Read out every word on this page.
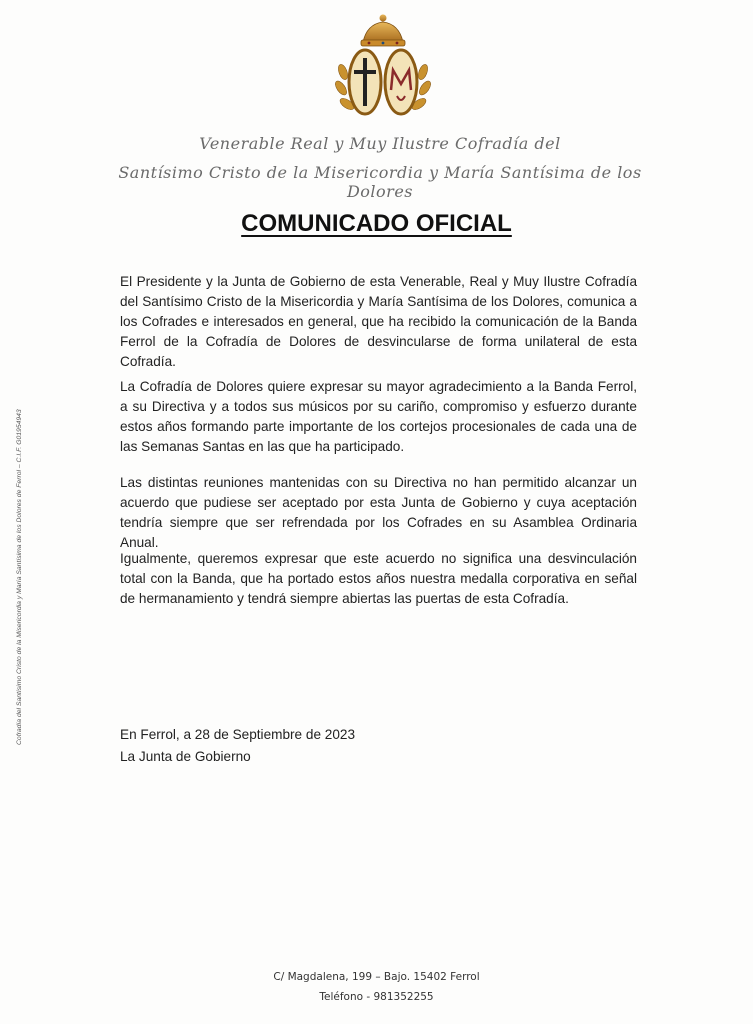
Venerable Real y Muy Ilustre Cofradía del
Santísimo Cristo de la Misericordia y María Santísima de los Dolores
COMUNICADO OFICIAL

El Presidente y la Junta de Gobierno de esta Venerable, Real y Muy Ilustre Cofradía del Santísimo Cristo de la Misericordia y María Santísima de los Dolores, comunica a los Cofrades e interesados en general, que ha recibido la comunicación de la Banda Ferrol de la Cofradía de Dolores de desvincularse de forma unilateral de esta Cofradía.

La Cofradía de Dolores quiere expresar su mayor agradecimiento a la Banda Ferrol, a su Directiva y a todos sus músicos por su cariño, compromiso y esfuerzo durante estos años formando parte importante de los cortejos procesionales de cada una de las Semanas Santas en las que ha participado.

Las distintas reuniones mantenidas con su Directiva no han permitido alcanzar un acuerdo que pudiese ser aceptado por esta Junta de Gobierno y cuya aceptación tendría siempre que ser refrendada por los Cofrades en su Asamblea Ordinaria Anual.

Igualmente, queremos expresar que este acuerdo no significa una desvinculación total con la Banda, que ha portado estos años nuestra medalla corporativa en señal de hermanamiento y tendrá siempre abiertas las puertas de esta Cofradía.

En Ferrol, a 28 de Septiembre de 2023
La Junta de Gobierno
Cofradía del Santísimo Cristo de la Misericordia y María Santísima de los Dolores de Ferrol – C.I.F. G01954943
C/ Magdalena, 199 – Bajo. 15402 Ferrol
Teléfono - 981352255
